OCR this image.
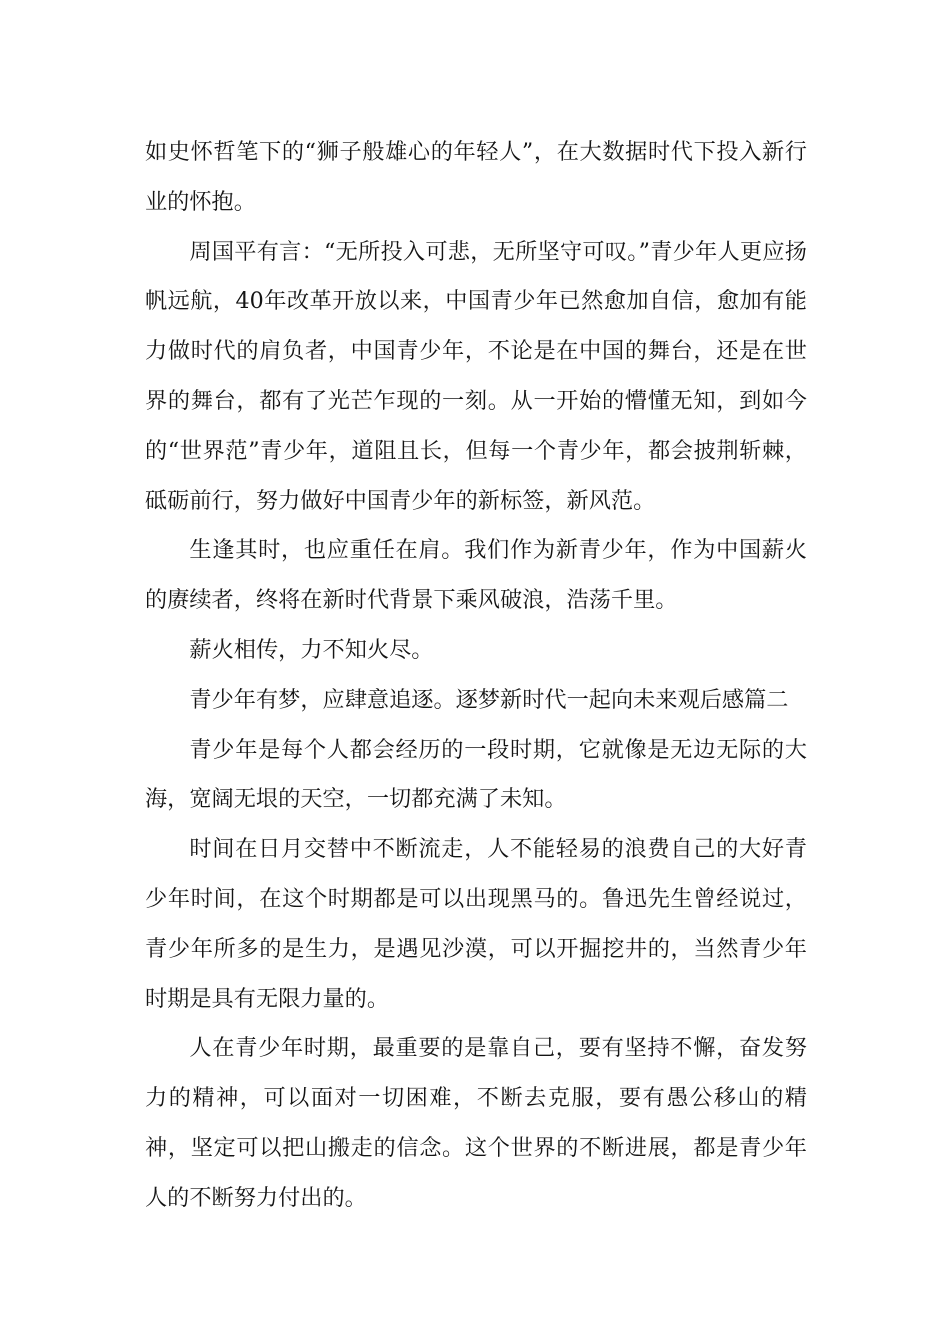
如史怀哲笔下的“狮子般雄心的年轻人”，在大数据时代下投入新行业的怀抱。

周国平有言：“无所投入可悲，无所坚守可叹。”青少年人更应扬帆远航，40年改革开放以来，中国青少年已然愈加自信，愈加有能力做时代的肩负者，中国青少年，不论是在中国的舞台，还是在世界的舞台，都有了光芒乍现的一刻。从一开始的懵懂无知，到如今的“世界范”青少年，道阻且长，但每一个青少年，都会披荆斩棘，砥砺前行，努力做好中国青少年的新标签，新风范。

生逢其时，也应重任在肩。我们作为新青少年，作为中国薪火的赓续者，终将在新时代背景下乘风破浪，浩荡千里。

薪火相传，力不知火尽。

青少年有梦，应肆意追逐。逐梦新时代一起向未来观后感篇二

青少年是每个人都会经历的一段时期，它就像是无边无际的大海，宽阔无垠的天空，一切都充满了未知。

时间在日月交替中不断流走，人不能轻易的浪费自己的大好青少年时间，在这个时期都是可以出现黑马的。鲁迅先生曾经说过，青少年所多的是生力，是遇见沙漠，可以开掘挖井的，当然青少年时期是具有无限力量的。

人在青少年时期，最重要的是靠自己，要有坚持不懈，奋发努力的精神，可以面对一切困难，不断去克服，要有愚公移山的精神，坚定可以把山搬走的信念。这个世界的不断进展，都是青少年人的不断努力付出的。
